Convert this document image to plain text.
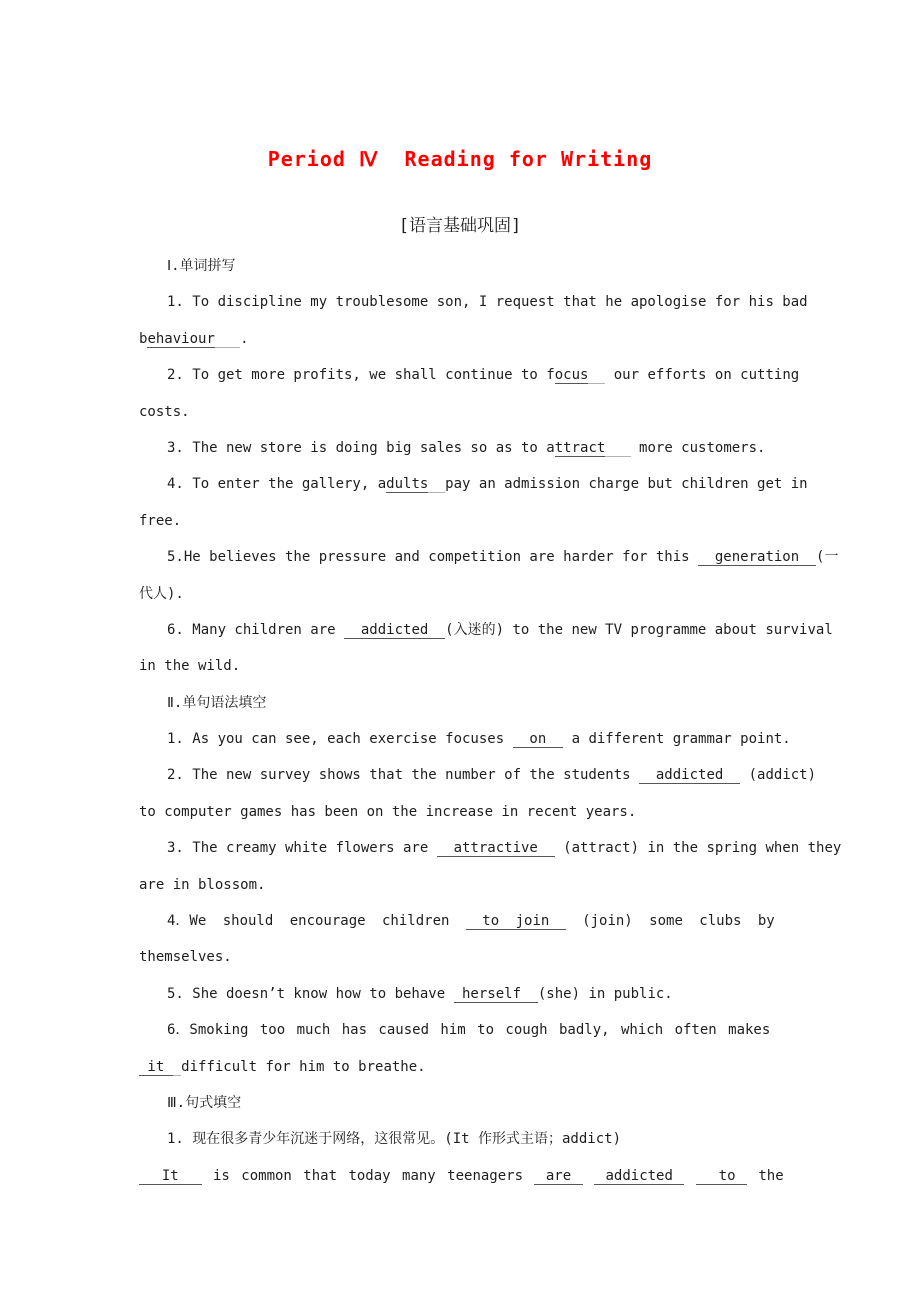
Period Ⅳ  Reading for Writing
[语言基础巩固]
Ⅰ.单词拼写
1. To discipline my troublesome son, I request that he apologise for his bad
behaviour .
2. To get more profits, we shall continue to focus   our efforts on cutting
costs.
3. The new store is doing big sales so as to attract    more customers.
4. To enter the gallery, adults pay an admission charge but children get in
free.
5.He believes the pressure and competition are harder for this   generation  (一
代人).
6. Many children are   addicted  (入迷的) to the new TV programme about survival
in the wild.
Ⅱ.单句语法填空
1. As you can see, each exercise focuses   on   a different grammar point.
2. The new survey shows that the number of the students   addicted   (addict)
to computer games has been on the increase in recent years.
3. The creamy white flowers are   attractive   (attract) in the spring when they
are in blossom.
4．We should encourage children  to join  (join) some clubs by
themselves.
5. She doesn’t know how to behave  herself  (she) in public.
6．Smoking too much has caused him to cough badly, which often makes
it  difficult for him to breathe.
Ⅲ.句式填空
1. 现在很多青少年沉迷于网络，这很常见。(It 作形式主语；addict)
It   is common that today many teenagers  are   addicted    to  the
